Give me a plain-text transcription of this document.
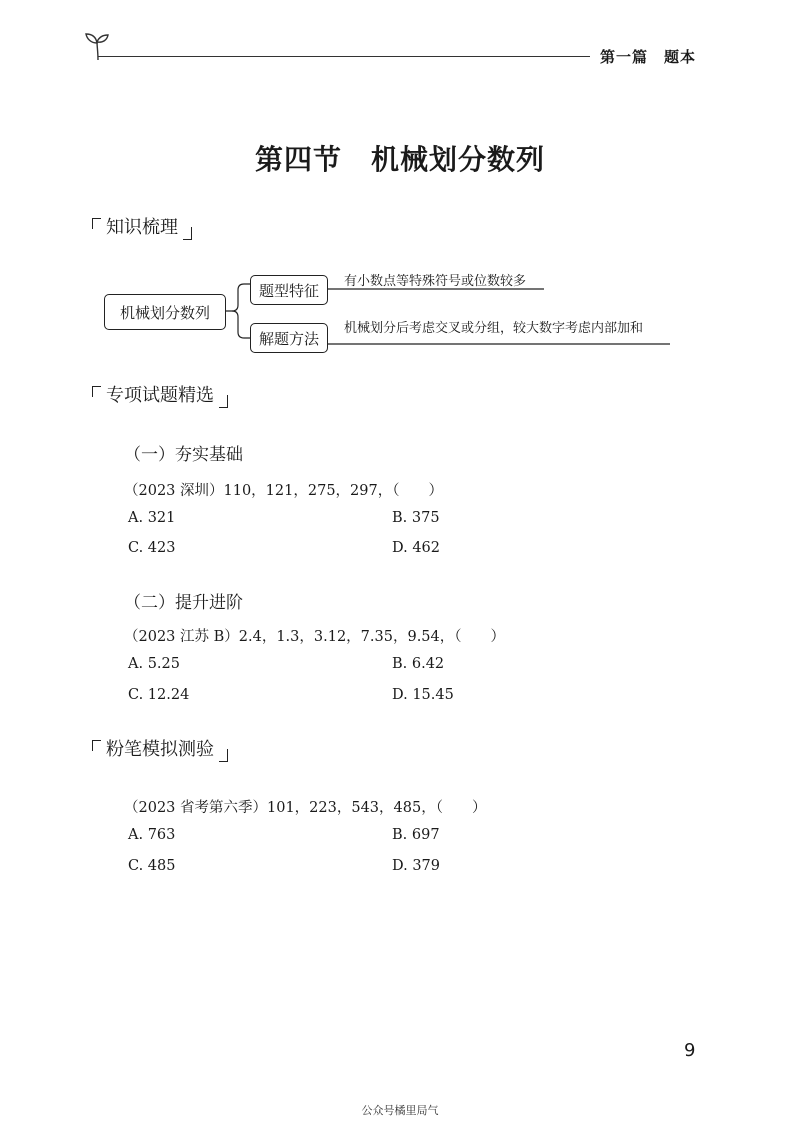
第一篇　题本
第四节　机械划分数列
知识梳理
机械划分数列
题型特征
解题方法
有小数点等特殊符号或位数较多
机械划分后考虑交叉或分组，较大数字考虑内部加和
专项试题精选
（一）夯实基础
（2023 深圳）110，121，275，297，（　　）
A. 321	B. 375
C. 423	D. 462
（二）提升进阶
（2023 江苏 B）2.4，1.3，3.12，7.35，9.54，（　　）
A. 5.25	B. 6.42
C. 12.24	D. 15.45
粉笔模拟测验
（2023 省考第六季）101，223，543，485，（　　）
A. 763	B. 697
C. 485	D. 379
9
公众号橘里局气
